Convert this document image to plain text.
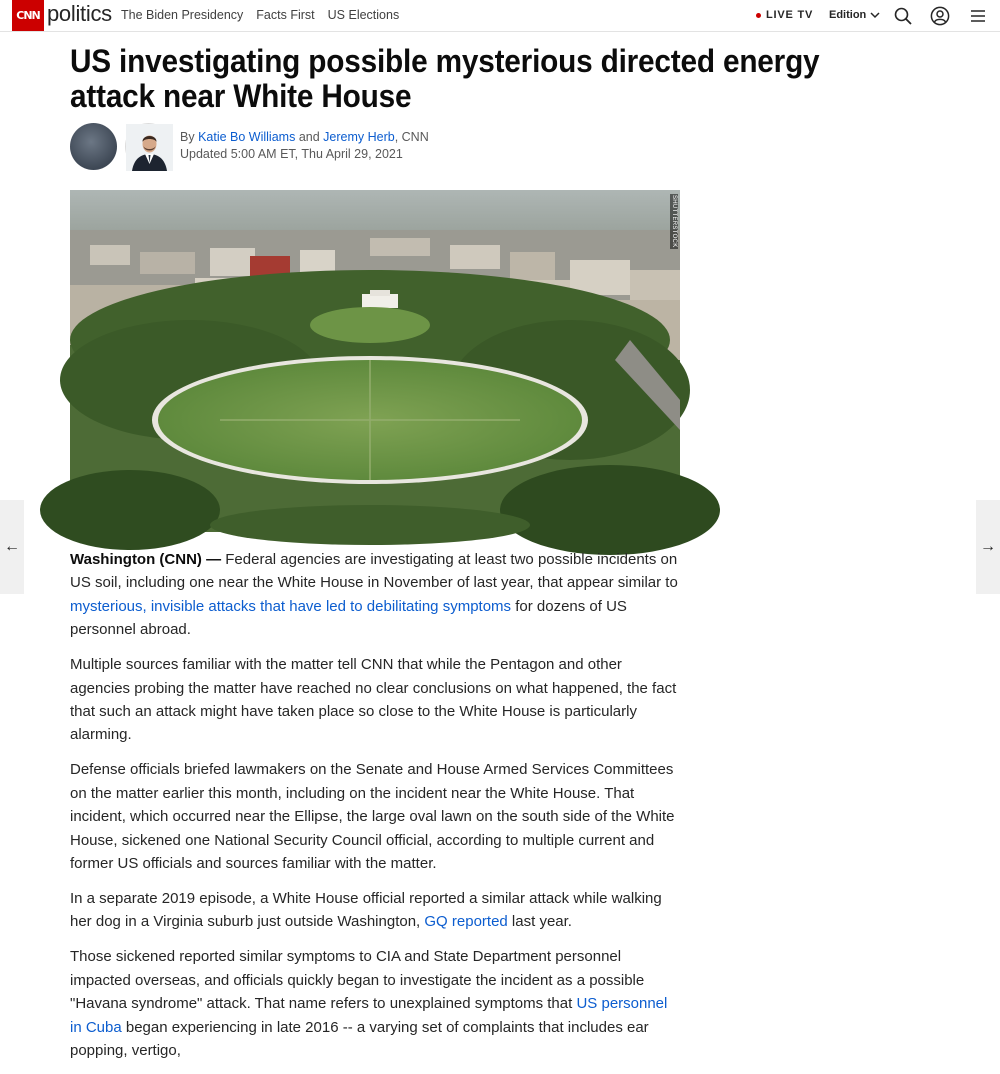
CNN politics The Biden Presidency Facts First US Elections	LIVE TV Edition
US investigating possible mysterious directed energy attack near White House
By Katie Bo Williams and Jeremy Herb, CNN
Updated 5:00 AM ET, Thu April 29, 2021
SHUTTERSTOCK
←	→

Washington (CNN) — Federal agencies are investigating at least two possible incidents on US soil, including one near the White House in November of last year, that appear similar to mysterious, invisible attacks that have led to debilitating symptoms for dozens of US personnel abroad.

Multiple sources familiar with the matter tell CNN that while the Pentagon and other agencies probing the matter have reached no clear conclusions on what happened, the fact that such an attack might have taken place so close to the White House is particularly alarming.

Defense officials briefed lawmakers on the Senate and House Armed Services Committees on the matter earlier this month, including on the incident near the White House. That incident, which occurred near the Ellipse, the large oval lawn on the south side of the White House, sickened one National Security Council official, according to multiple current and former US officials and sources familiar with the matter.

In a separate 2019 episode, a White House official reported a similar attack while walking her dog in a Virginia suburb just outside Washington, GQ reported last year.

Those sickened reported similar symptoms to CIA and State Department personnel impacted overseas, and officials quickly began to investigate the incident as a possible "Havana syndrome" attack. That name refers to unexplained symptoms that US personnel in Cuba began experiencing in late 2016 -- a varying set of complaints that includes ear popping, vertigo,
